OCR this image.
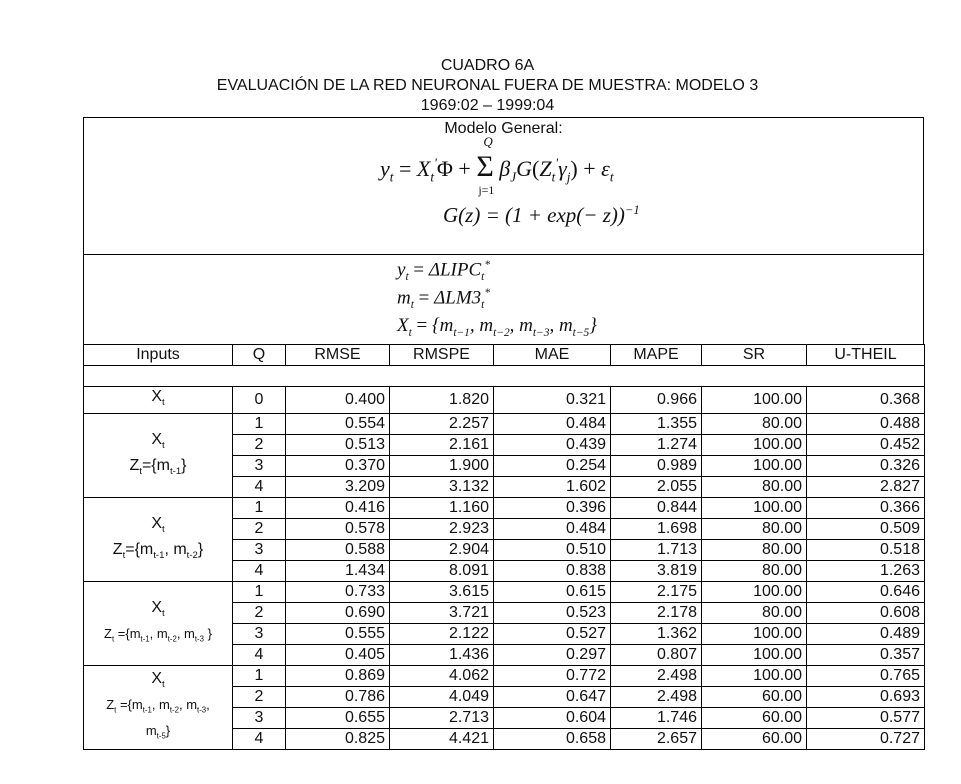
CUADRO 6A
EVALUACIÓN DE LA RED NEURONAL FUERA DE MUESTRA: MODELO 3
1969:02 – 1999:04
Modelo General:
$y_t = X_t'\Phi + \Sigma$
Q
j=1
$\beta_JG(Z_t'\gamma_j) + \varepsilon_t$
$G(z) = (1 + \exp(- z))^{-1}$
$y_t$ = $\Delta LIPC_t^*$
$m_t = \Delta LM3_t^*$
$X_t = \{m_{t-1}$, $m_{t-2}$, $m_{t-3}$, $m_{t-5}$}
Inputs	Q	RMSE	RMSPE	MAE	MAPE	SR	U-THEIL

$X_t$	0	0.400	1.820	0.321	0.966	100.00	0.368

$X_t$
$Z_t=\{m_{t-1}\}$	1	0.554	2.257	0.484	1.355	80.00	0.488
	2	0.513	2.161	0.439	1.274	100.00	0.452
	3	0.370	1.900	0.254	0.989	100.00	0.326
	4	3.209	3.132	1.602	2.055	80.00	2.827

$X_t$
$Z_t=\{m_{t-1}$, $m_{t-2}$}	1	0.416	1.160	0.396	0.844	100.00	0.366
	2	0.578	2.923	0.484	1.698	80.00	0.509
	3	0.588	2.904	0.510	1.713	80.00	0.518
	4	1.434	8.091	0.838	3.819	80.00	1.263

$X_t$
$Z_t =\{m_{t-1}$, $m_{t-2}$, $m_{t-3}$ }	1	0.733	3.615	0.615	2.175	100.00	0.646
	2	0.690	3.721	0.523	2.178	80.00	0.608
	3	0.555	2.122	0.527	1.362	100.00	0.489
	4	0.405	1.436	0.297	0.807	100.00	0.357

$X_t$
$Z_t =\{m_{t-1}$, $m_{t-2}$, $m_{t-3}$,
$m_{t-5}$}	1	0.869	4.062	0.772	2.498	100.00	0.765
	2	0.786	4.049	0.647	2.498	60.00	0.693
	3	0.655	2.713	0.604	1.746	60.00	0.577
	4	0.825	4.421	0.658	2.657	60.00	0.727
